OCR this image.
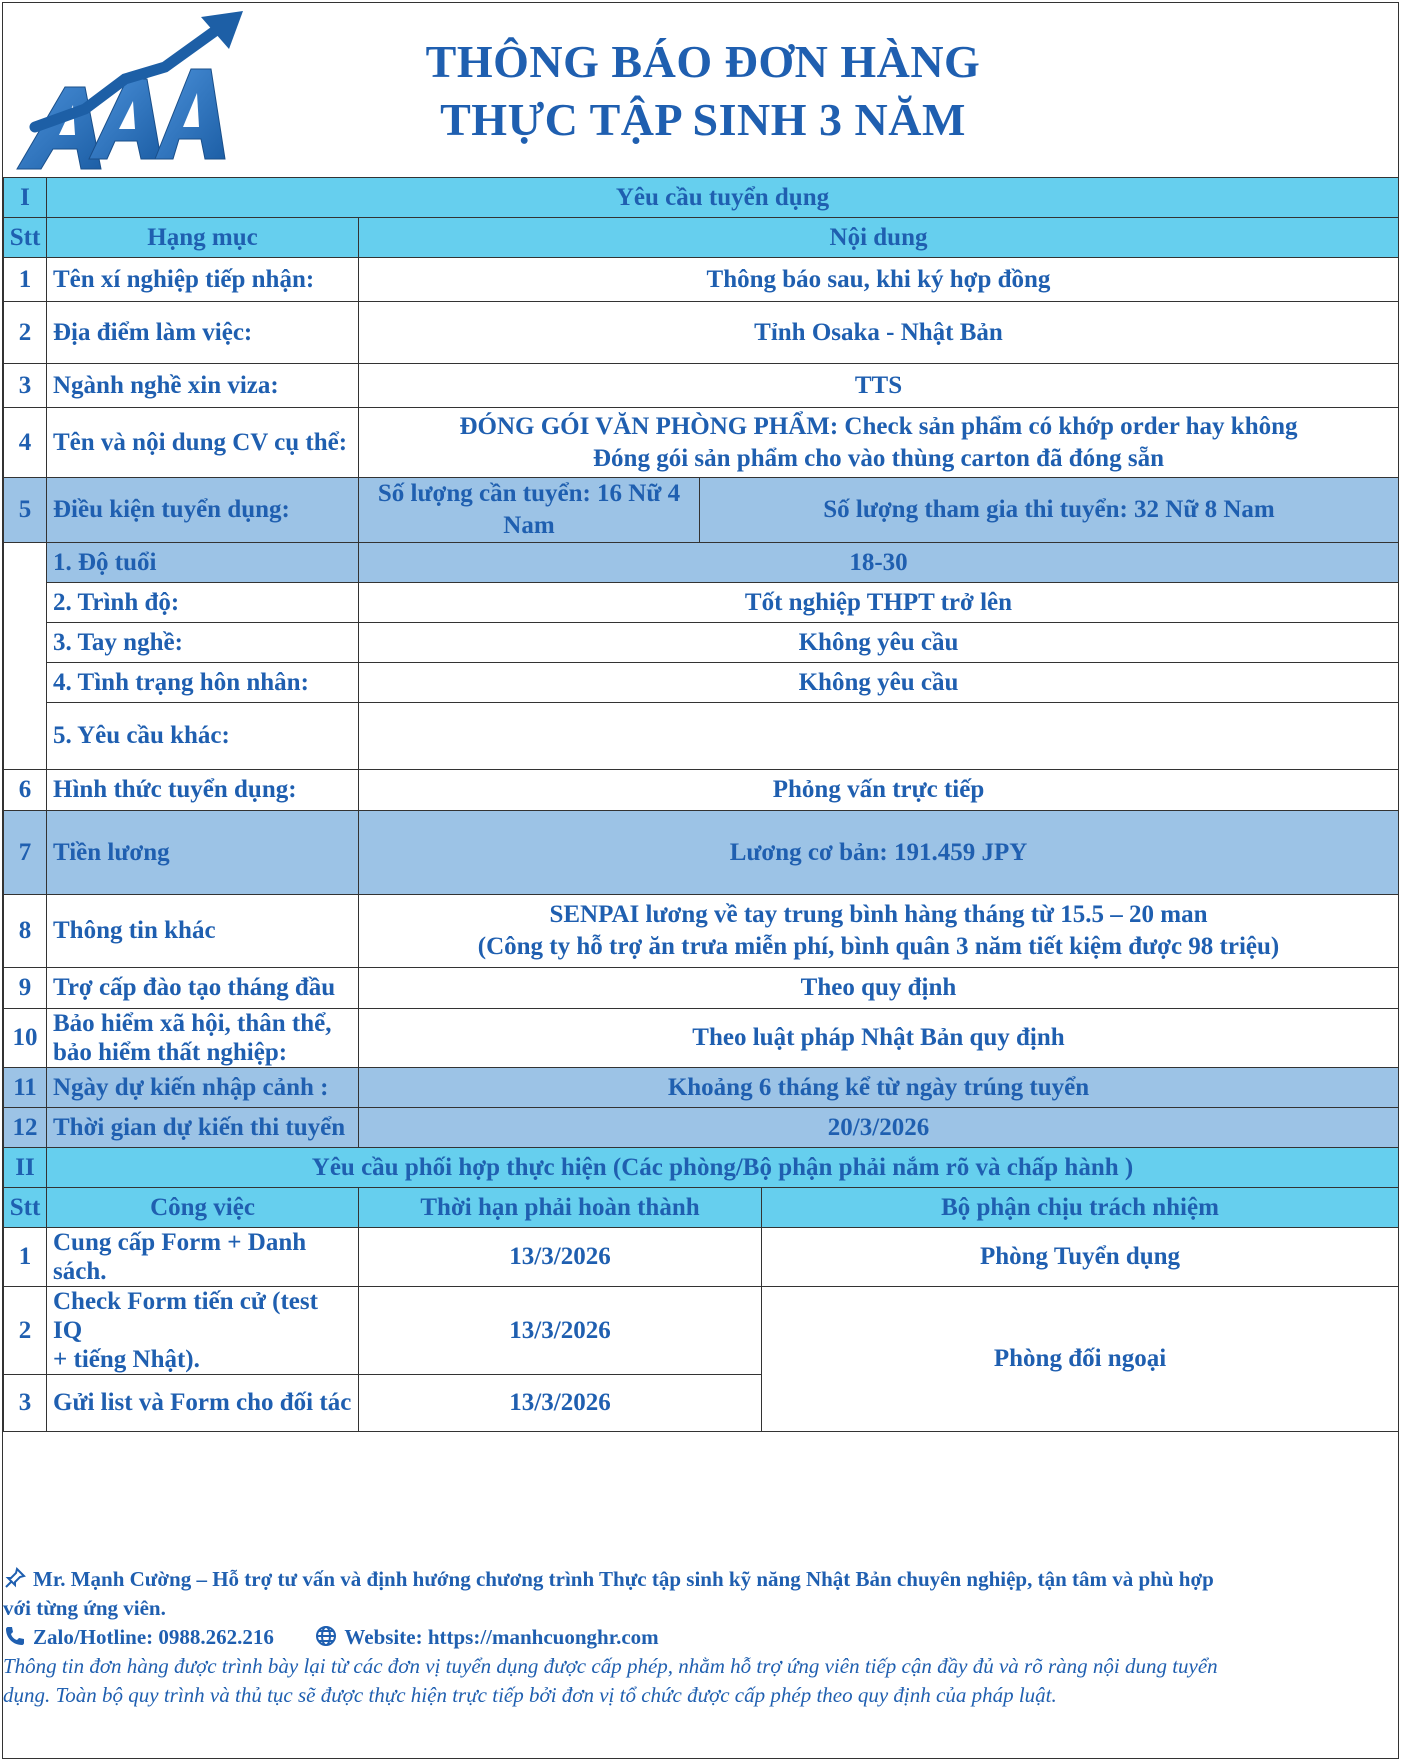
THÔNG BÁO ĐƠN HÀNG
THỰC TẬP SINH 3 NĂM
I	Yêu cầu tuyển dụng			
Stt	Hạng mục	Nội dung		
1	Tên xí nghiệp tiếp nhận:	Thông báo sau, khi ký hợp đồng		
2	Địa điểm làm việc:	Tỉnh Osaka - Nhật Bản		
3	Ngành nghề xin viza:	TTS		
4	Tên và nội dung CV cụ thể:	ĐÓNG GÓI VĂN PHÒNG PHẨM: Check sản phẩm có khớp order hay không
Đóng gói sản phẩm cho vào thùng carton đã đóng sẵn		

5	Điều kiện tuyển dụng:	Số lượng cần tuyển: 16 Nữ 4 Nam	Số lượng tham gia thi tuyển: 32 Nữ 8 Nam	
	1. Độ tuổi	18-30		
	2. Trình độ:	Tốt nghiệp THPT trở lên		
	3. Tay nghề:	Không yêu cầu		
	4. Tình trạng hôn nhân:	Không yêu cầu		
	5. Yêu cầu khác:			
6	Hình thức tuyển dụng:	Phỏng vấn trực tiếp		
7	Tiền lương	Lương cơ bản: 191.459 JPY		
8	Thông tin khác	SENPAI lương về tay trung bình hàng tháng từ 15.5 – 20 man
(Công ty hỗ trợ ăn trưa miễn phí, bình quân 3 năm tiết kiệm được 98 triệu)		

9	Trợ cấp đào tạo tháng đầu	Theo quy định		
10	Bảo hiểm xã hội, thân thể,
bảo hiểm thất nghiệp:	Theo luật pháp Nhật Bản quy định		
11	Ngày dự kiến nhập cảnh :	Khoảng 6 tháng kể từ ngày trúng tuyển		
12	Thời gian dự kiến thi tuyển	20/3/2026		
II	Yêu cầu phối hợp thực hiện (Các phòng/Bộ phận phải nắm rõ và chấp hành )			
Stt	Công việc	Thời hạn phải hoàn thành		Bộ phận chịu trách nhiệm
1	Cung cấp Form + Danh
sách.	13/3/2026		Phòng Tuyển dụng
2	Check Form tiến cử (test IQ
+ tiếng Nhật).	13/3/2026		Phòng đối ngoại
3	Gửi list và Form cho đối tác	13/3/2026		
Mr. Mạnh Cường – Hỗ trợ tư vấn và định hướng chương trình Thực tập sinh kỹ năng Nhật Bản chuyên nghiệp, tận tâm và phù hợp
với từng ứng viên.
Zalo/Hotline: 0988.262.216	Website: https://manhcuonghr.com
Thông tin đơn hàng được trình bày lại từ các đơn vị tuyển dụng được cấp phép, nhằm hỗ trợ ứng viên tiếp cận đầy đủ và rõ ràng nội dung tuyển
dụng. Toàn bộ quy trình và thủ tục sẽ được thực hiện trực tiếp bởi đơn vị tổ chức được cấp phép theo quy định của pháp luật.
